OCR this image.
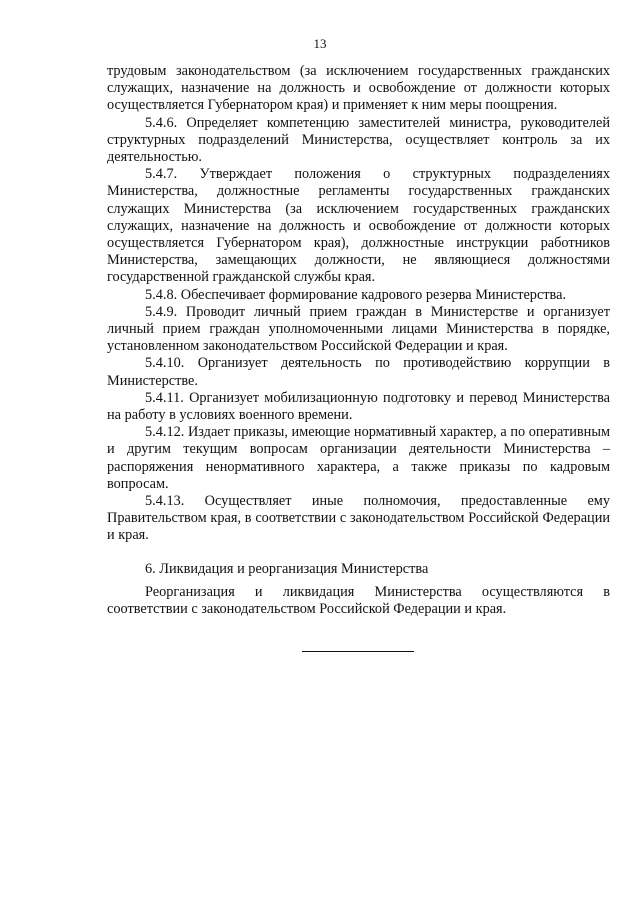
13

трудовым законодательством (за исключением государственных гражданских служащих, назначение на должность и освобождение от должности которых осуществляется Губернатором края) и применяет к ним меры поощрения.

5.4.6. Определяет компетенцию заместителей министра, руководителей структурных подразделений Министерства, осуществляет контроль за их деятельностью.

5.4.7. Утверждает положения о структурных подразделениях Министерства, должностные регламенты государственных гражданских служащих Министерства (за исключением государственных гражданских служащих, назначение на должность и освобождение от должности которых осуществляется Губернатором края), должностные инструкции работников Министерства, замещающих должности, не являющиеся должностями государственной гражданской службы края.

5.4.8. Обеспечивает формирование кадрового резерва Министерства.

5.4.9. Проводит личный прием граждан в Министерстве и организует личный прием граждан уполномоченными лицами Министерства в порядке, установленном законодательством Российской Федерации и края.

5.4.10. Организует деятельность по противодействию коррупции в Министерстве.

5.4.11. Организует мобилизационную подготовку и перевод Министерства на работу в условиях военного времени.

5.4.12. Издает приказы, имеющие нормативный характер, а по оперативным и другим текущим вопросам организации деятельности Министерства – распоряжения ненормативного характера, а также приказы по кадровым вопросам.

5.4.13. Осуществляет иные полномочия, предоставленные ему Правительством края, в соответствии с законодательством Российской Федерации и края.

6. Ликвидация и реорганизация Министерства

Реорганизация и ликвидация Министерства осуществляются в соответствии с законодательством Российской Федерации и края.
